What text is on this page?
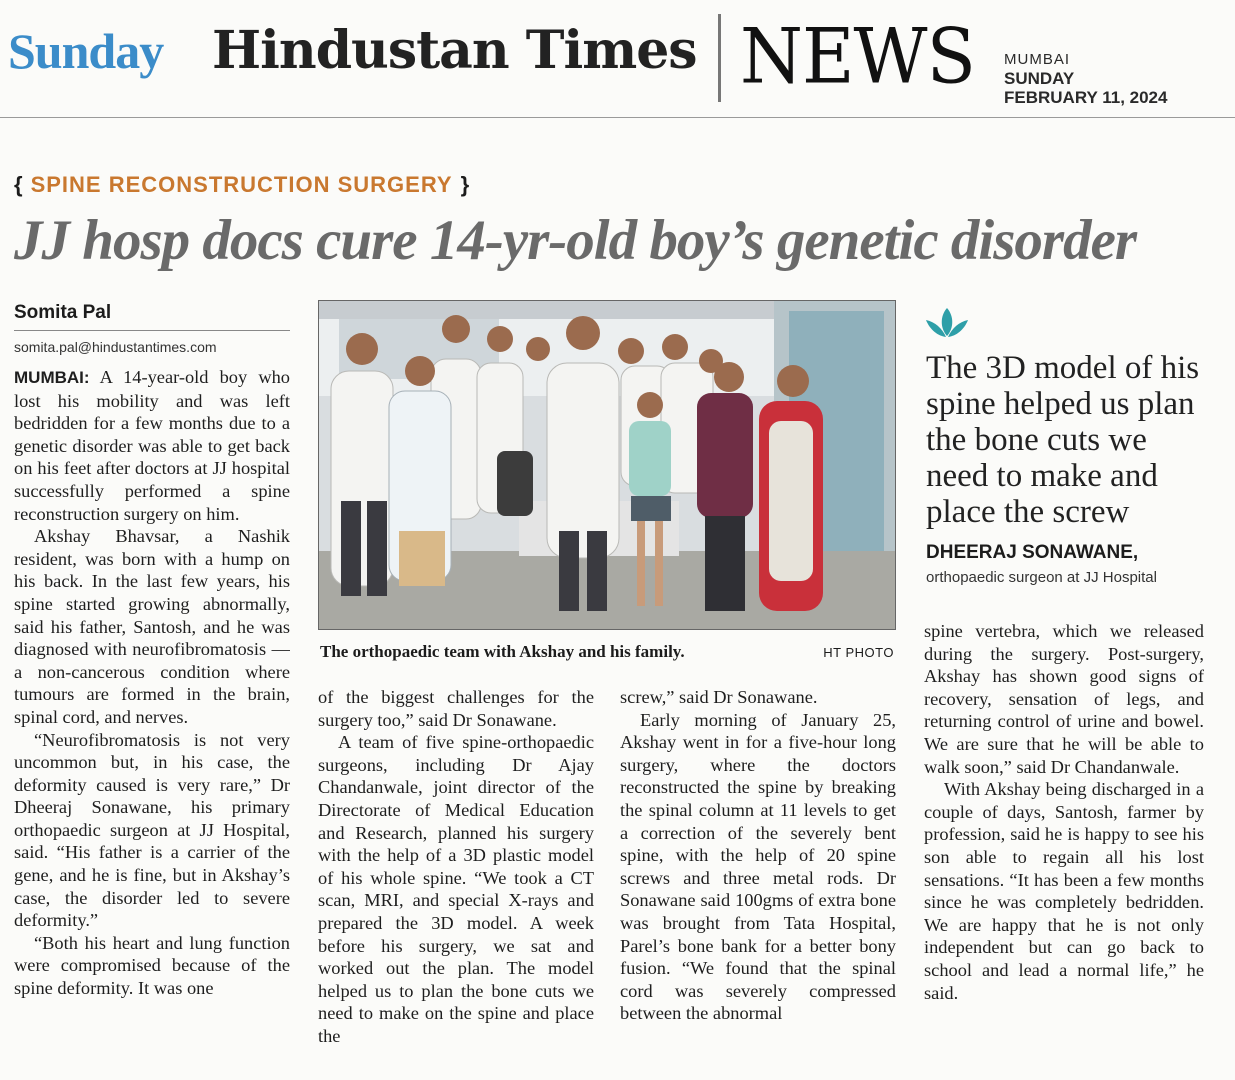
Sunday Hindustan Times NEWS MUMBAI
SUNDAY
FEBRUARY 11, 2024
{ SPINE RECONSTRUCTION SURGERY }
JJ hosp docs cure 14-yr-old boy’s genetic disorder
Somita Pal
somita.pal@hindustantimes.com

MUMBAI: A 14-year-old boy who lost his mobility and was left bedridden for a few months due to a genetic disorder was able to get back on his feet after doctors at JJ hospital successfully performed a spine reconstruction surgery on him.

Akshay Bhavsar, a Nashik resident, was born with a hump on his back. In the last few years, his spine started growing abnormally, said his father, Santosh, and he was diagnosed with neurofibromatosis — a non-cancerous condition where tumours are formed in the brain, spinal cord, and nerves.

“Neurofibromatosis is not very uncommon but, in his case, the deformity caused is very rare,” Dr Dheeraj Sonawane, his primary orthopaedic surgeon at JJ Hospital, said. “His father is a carrier of the gene, and he is fine, but in Akshay’s case, the disorder led to severe deformity.”

“Both his heart and lung function were compromised because of the spine deformity. It was one

The orthopaedic team with Akshay and his family.	HT PHOTO

of the biggest challenges for the surgery too,” said Dr Sonawane.

A team of five spine-orthopaedic surgeons, including Dr Ajay Chandanwale, joint director of the Directorate of Medical Education and Research, planned his surgery with the help of a 3D plastic model of his whole spine. “We took a CT scan, MRI, and special X-rays and prepared the 3D model. A week before his surgery, we sat and worked out the plan. The model helped us to plan the bone cuts we need to make on the spine and place the

screw,” said Dr Sonawane.

Early morning of January 25, Akshay went in for a five-hour long surgery, where the doctors reconstructed the spine by breaking the spinal column at 11 levels to get a correction of the severely bent spine, with the help of 20 spine screws and three metal rods. Dr Sonawane said 100gms of extra bone was brought from Tata Hospital, Parel’s bone bank for a better bony fusion. “We found that the spinal cord was severely compressed between the abnormal

The 3D model of his spine helped us plan the bone cuts we need to make and place the screw
DHEERAJ SONAWANE,
orthopaedic surgeon at JJ Hospital

spine vertebra, which we released during the surgery. Post-surgery, Akshay has shown good signs of recovery, sensation of legs, and returning control of urine and bowel. We are sure that he will be able to walk soon,” said Dr Chandanwale.

With Akshay being discharged in a couple of days, Santosh, farmer by profession, said he is happy to see his son able to regain all his lost sensations. “It has been a few months since he was completely bedridden. We are happy that he is not only independent but can go back to school and lead a normal life,” he said.
